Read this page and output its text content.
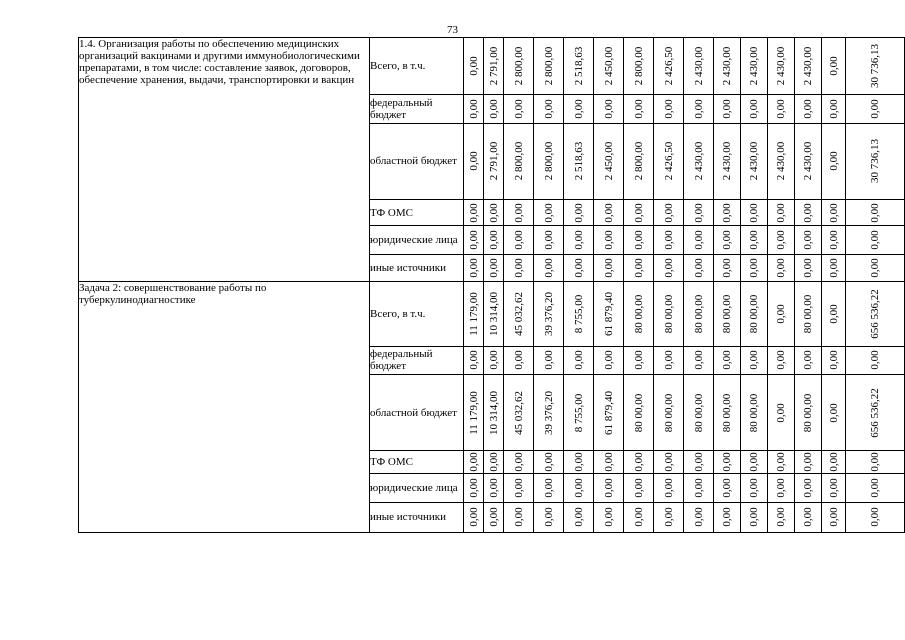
73
1.4. Организация работы по обеспечению медицинских организаций вакцинами и другими иммунобиологическими препаратами, в том числе: составление заявок, договоров, обеспечение хранения, выдачи, транспортировки и вакцин	Всего, в т.ч.	0,00	2 791,00	2 800,00	2 800,00	2 518,63	2 450,00	2 800,00	2 426,50	2 430,00	2 430,00	2 430,00	2 430,00	2 430,00	0,00	30 736,13

	федеральный бюджет	0,00	0,00	0,00	0,00	0,00	0,00	0,00	0,00	0,00	0,00	0,00	0,00	0,00	0,00	0,00

	областной бюджет	0,00	2 791,00	2 800,00	2 800,00	2 518,63	2 450,00	2 800,00	2 426,50	2 430,00	2 430,00	2 430,00	2 430,00	2 430,00	0,00	30 736,13

	ТФ ОМС	0,00	0,00	0,00	0,00	0,00	0,00	0,00	0,00	0,00	0,00	0,00	0,00	0,00	0,00	0,00

	юридические лица	0,00	0,00	0,00	0,00	0,00	0,00	0,00	0,00	0,00	0,00	0,00	0,00	0,00	0,00	0,00

	иные источники	0,00	0,00	0,00	0,00	0,00	0,00	0,00	0,00	0,00	0,00	0,00	0,00	0,00	0,00	0,00

Задача 2: совершенствование работы по туберкулинодиагностике	Всего, в т.ч.	11 179,00	10 314,00	45 032,62	39 376,20	8 755,00	61 879,40	80 00,00	80 00,00	80 00,00	80 00,00	80 00,00	0,00	80 00,00	0,00	656 536,22

	федеральный бюджет	0,00	0,00	0,00	0,00	0,00	0,00	0,00	0,00	0,00	0,00	0,00	0,00	0,00	0,00	0,00

	областной бюджет	11 179,00	10 314,00	45 032,62	39 376,20	8 755,00	61 879,40	80 00,00	80 00,00	80 00,00	80 00,00	80 00,00	0,00	80 00,00	0,00	656 536,22

	ТФ ОМС	0,00	0,00	0,00	0,00	0,00	0,00	0,00	0,00	0,00	0,00	0,00	0,00	0,00	0,00	0,00

	юридические лица	0,00	0,00	0,00	0,00	0,00	0,00	0,00	0,00	0,00	0,00	0,00	0,00	0,00	0,00	0,00

	иные источники	0,00	0,00	0,00	0,00	0,00	0,00	0,00	0,00	0,00	0,00	0,00	0,00	0,00	0,00	0,00
